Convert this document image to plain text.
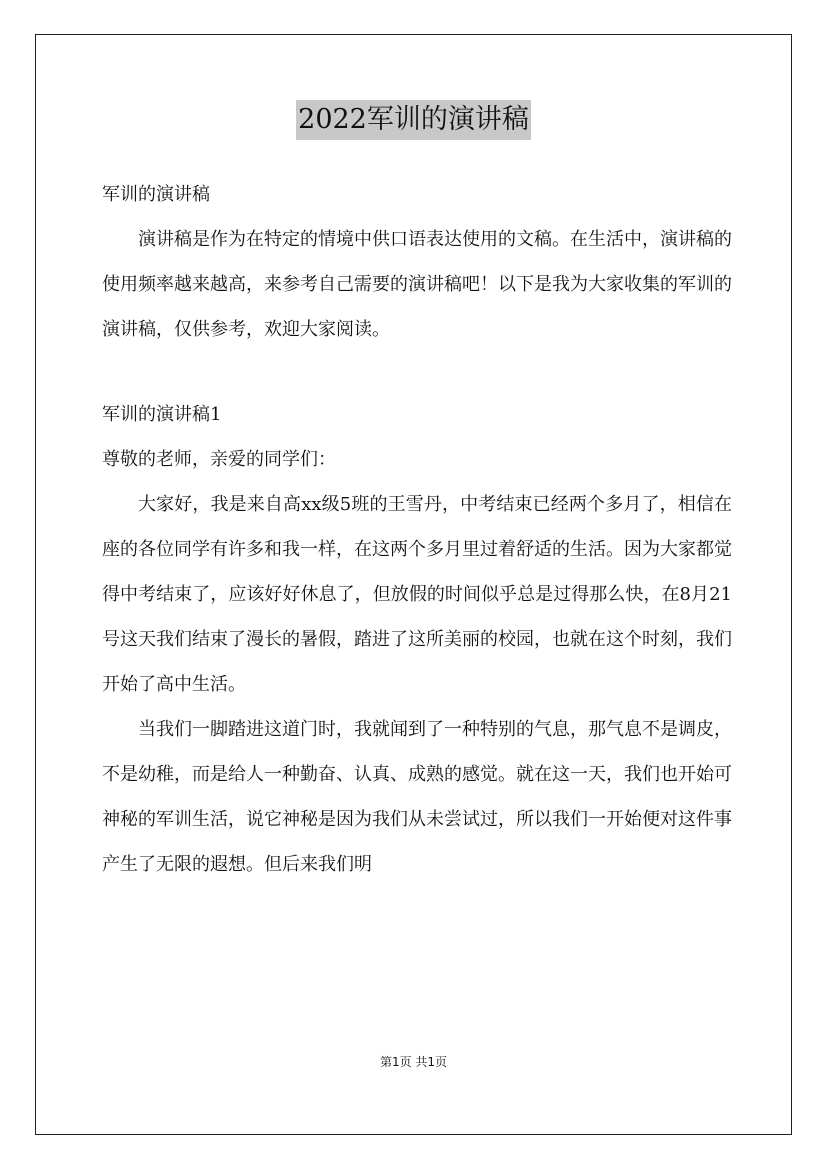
2022军训的演讲稿

军训的演讲稿

演讲稿是作为在特定的情境中供口语表达使用的文稿。在生活中，演讲稿的使用频率越来越高，来参考自己需要的演讲稿吧！以下是我为大家收集的军训的演讲稿，仅供参考，欢迎大家阅读。

军训的演讲稿1

尊敬的老师，亲爱的同学们：

大家好，我是来自高xx级5班的王雪丹，中考结束已经两个多月了，相信在座的各位同学有许多和我一样，在这两个多月里过着舒适的生活。因为大家都觉得中考结束了，应该好好休息了，但放假的时间似乎总是过得那么快，在8月21号这天我们结束了漫长的暑假，踏进了这所美丽的校园，也就在这个时刻，我们开始了高中生活。

当我们一脚踏进这道门时，我就闻到了一种特别的气息，那气息不是调皮，不是幼稚，而是给人一种勤奋、认真、成熟的感觉。就在这一天，我们也开始可神秘的军训生活，说它神秘是因为我们从未尝试过，所以我们一开始便对这件事产生了无限的遐想。但后来我们明

第1页 共1页
